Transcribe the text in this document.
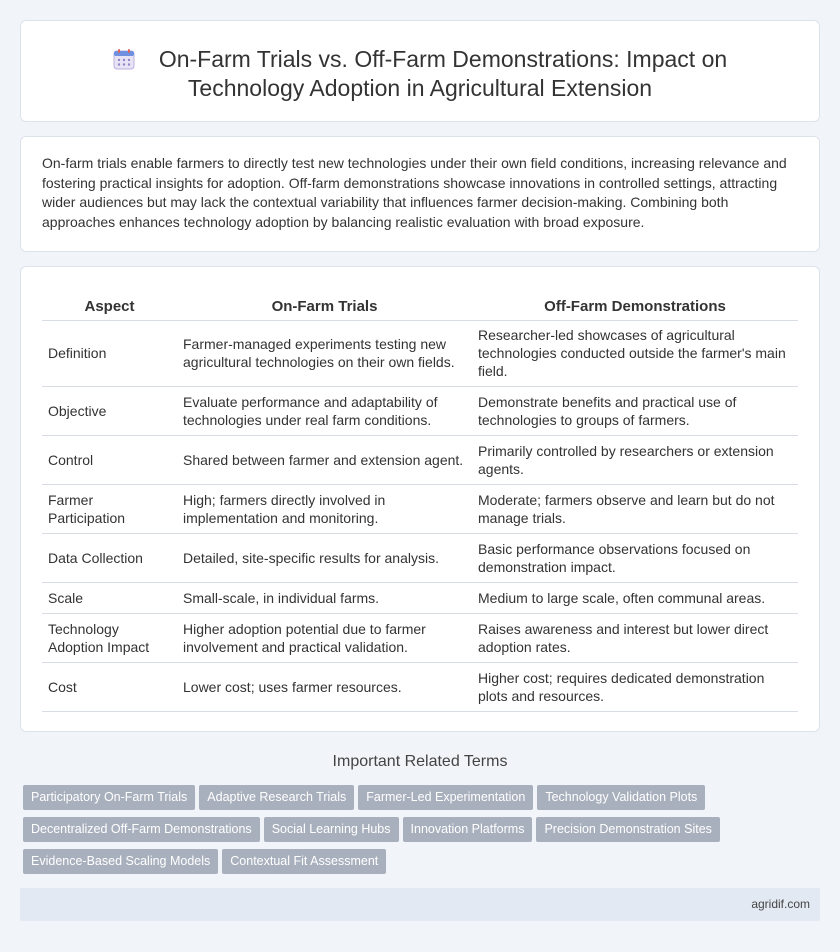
On-Farm Trials vs. Off-Farm Demonstrations: Impact on
Technology Adoption in Agricultural Extension

On-farm trials enable farmers to directly test new technologies under their own field conditions, increasing relevance and fostering practical insights for adoption. Off-farm demonstrations showcase innovations in controlled settings, attracting wider audiences but may lack the contextual variability that influences farmer decision-making. Combining both approaches enhances technology adoption by balancing realistic evaluation with broad exposure.

Aspect	On-Farm Trials	Off-Farm Demonstrations
Definition	Farmer-managed experiments testing new agricultural technologies on their own fields.	Researcher-led showcases of agricultural technologies conducted outside the farmer's main field.
Objective	Evaluate performance and adaptability of technologies under real farm conditions.	Demonstrate benefits and practical use of technologies to groups of farmers.
Control	Shared between farmer and extension agent.	Primarily controlled by researchers or extension agents.
Farmer Participation	High; farmers directly involved in implementation and monitoring.	Moderate; farmers observe and learn but do not manage trials.
Data Collection	Detailed, site-specific results for analysis.	Basic performance observations focused on demonstration impact.
Scale	Small-scale, in individual farms.	Medium to large scale, often communal areas.
Technology Adoption Impact	Higher adoption potential due to farmer involvement and practical validation.	Raises awareness and interest but lower direct adoption rates.
Cost	Lower cost; uses farmer resources.	Higher cost; requires dedicated demonstration plots and resources.
Important Related Terms
Participatory On-Farm Trials Adaptive Research Trials Farmer-Led Experimentation Technology Validation Plots
Decentralized Off-Farm Demonstrations Social Learning Hubs Innovation Platforms Precision Demonstration Sites
Evidence-Based Scaling Models Contextual Fit Assessment
agridif.com
